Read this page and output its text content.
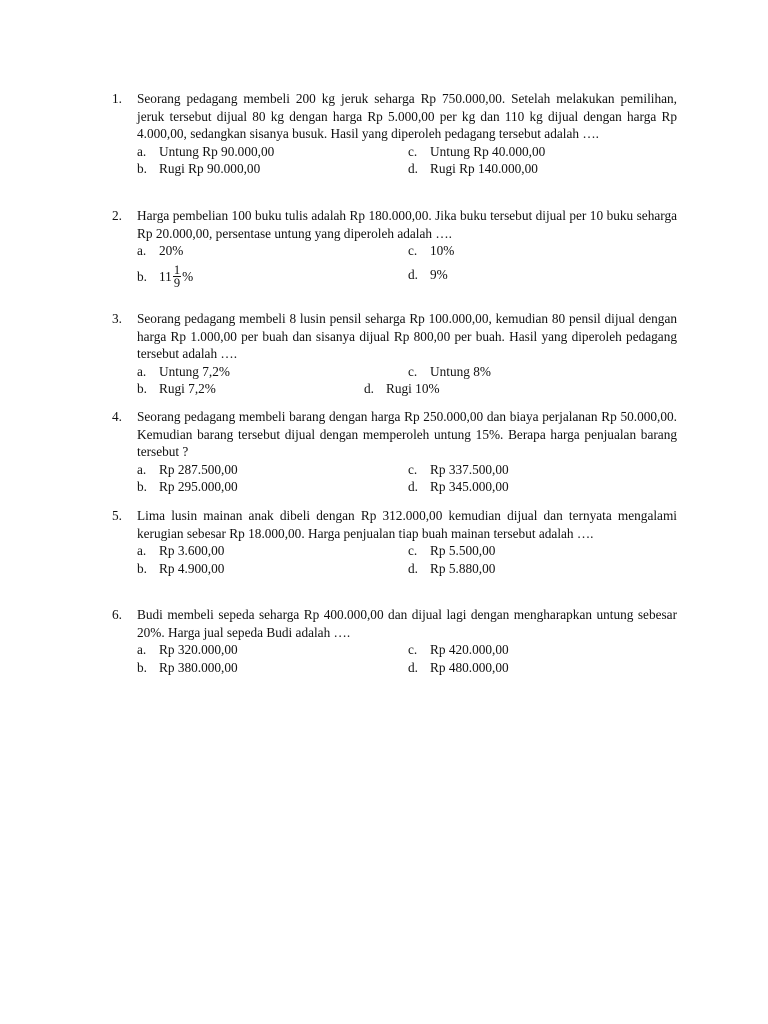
1.	Seorang pedagang membeli 200 kg jeruk seharga Rp 750.000,00. Setelah melakukan pemilihan, jeruk tersebut dijual 80 kg dengan harga Rp 5.000,00 per kg dan 110 kg dijual dengan harga Rp 4.000,00, sedangkan sisanya busuk. Hasil yang diperoleh pedagang tersebut adalah ….
a. Untung Rp 90.000,00	c. Untung Rp 40.000,00
b. Rugi Rp 90.000,00	d. Rugi Rp 140.000,00
2.	Harga pembelian 100 buku tulis adalah Rp 180.000,00. Jika buku tersebut dijual per 10 buku seharga Rp 20.000,00, persentase untung yang diperoleh adalah ….
a. 20%	c. 10%
b. $11 \frac{1}{9}$ %	d. 9%
3.	Seorang pedagang membeli 8 lusin pensil seharga Rp 100.000,00, kemudian 80 pensil dijual dengan harga Rp 1.000,00 per buah dan sisanya dijual Rp 800,00 per buah. Hasil yang diperoleh pedagang tersebut adalah ….
a. Untung 7,2%	c. Untung 8%
b. Rugi 7,2%	d. Rugi 10%
4.	Seorang pedagang membeli barang dengan harga Rp 250.000,00 dan biaya perjalanan Rp 50.000,00. Kemudian barang tersebut dijual dengan memperoleh untung 15%. Berapa harga penjualan barang tersebut ?
a. Rp 287.500,00	c. Rp 337.500,00
b. Rp 295.000,00	d. Rp 345.000,00
5.	Lima lusin mainan anak dibeli dengan Rp 312.000,00 kemudian dijual dan ternyata mengalami kerugian sebesar Rp 18.000,00. Harga penjualan tiap buah mainan tersebut adalah ….
a. Rp 3.600,00	c. Rp 5.500,00
b. Rp 4.900,00	d. Rp 5.880,00
6.	Budi membeli sepeda seharga Rp 400.000,00 dan dijual lagi dengan mengharapkan untung sebesar 20%. Harga jual sepeda Budi adalah ….
a. Rp 320.000,00	c. Rp 420.000,00
b. Rp 380.000,00	d. Rp 480.000,00
